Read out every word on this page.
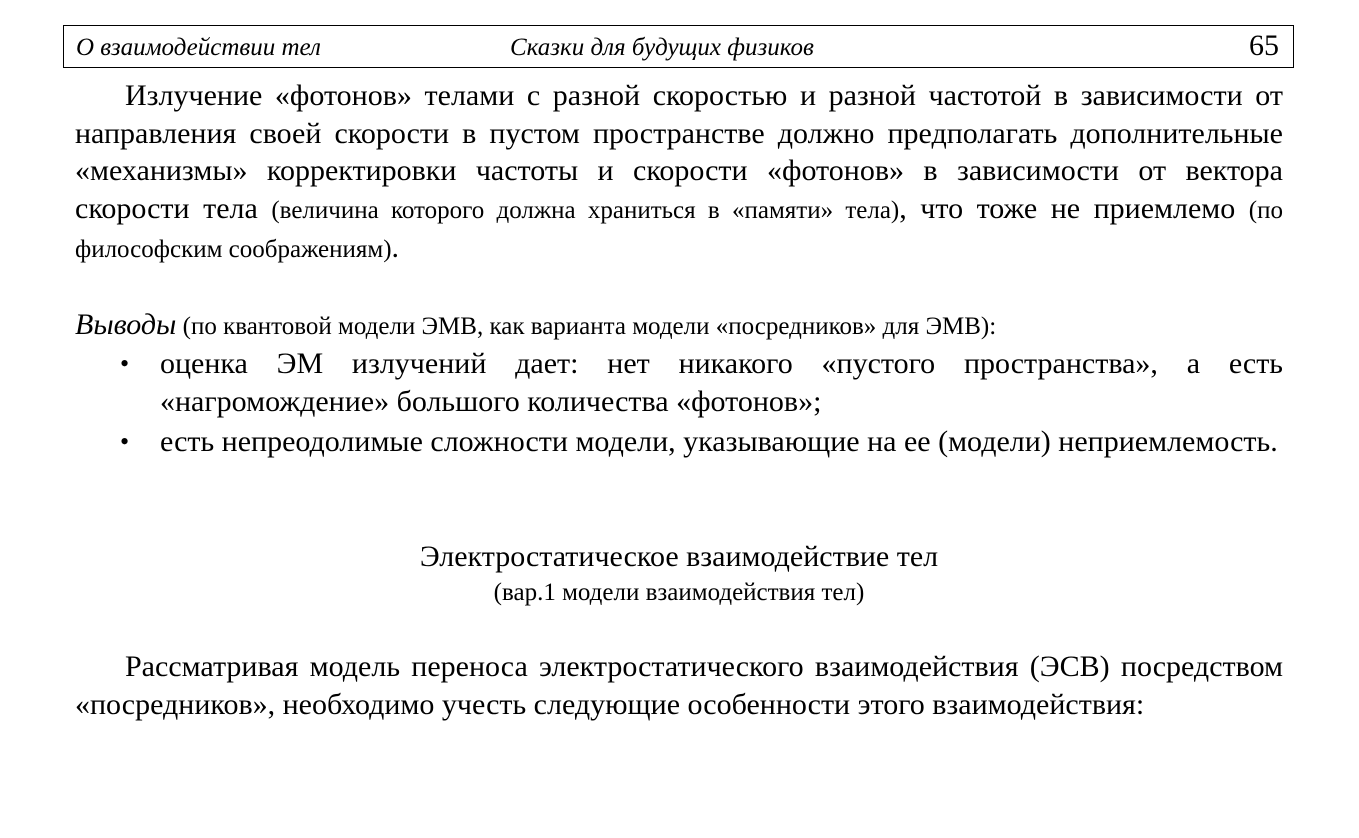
О взаимодействии тел	Сказки для будущих физиков	65

Излучение «фотонов» телами с разной скоростью и разной частотой в зависимости от направления своей скорости в пустом пространстве должно предполагать дополнительные «механизмы» корректировки частоты и скорости «фотонов» в зависимости от вектора скорости тела (величина которого должна храниться в «памяти» тела), что тоже не приемлемо (по философским соображениям).

Выводы (по квантовой модели ЭМВ, как варианта модели «посредников» для ЭМВ):

• оценка ЭМ излучений дает: нет никакого «пустого пространства», а есть «нагромождение» большого количества «фотонов»;
• есть непреодолимые сложности модели, указывающие на ее (модели) неприемлемость.

Электростатическое взаимодействие тел

(вар.1 модели взаимодействия тел)

Рассматривая модель переноса электростатического взаимодействия (ЭСВ) посредством «посредников», необходимо учесть следующие особенности этого взаимодействия:
